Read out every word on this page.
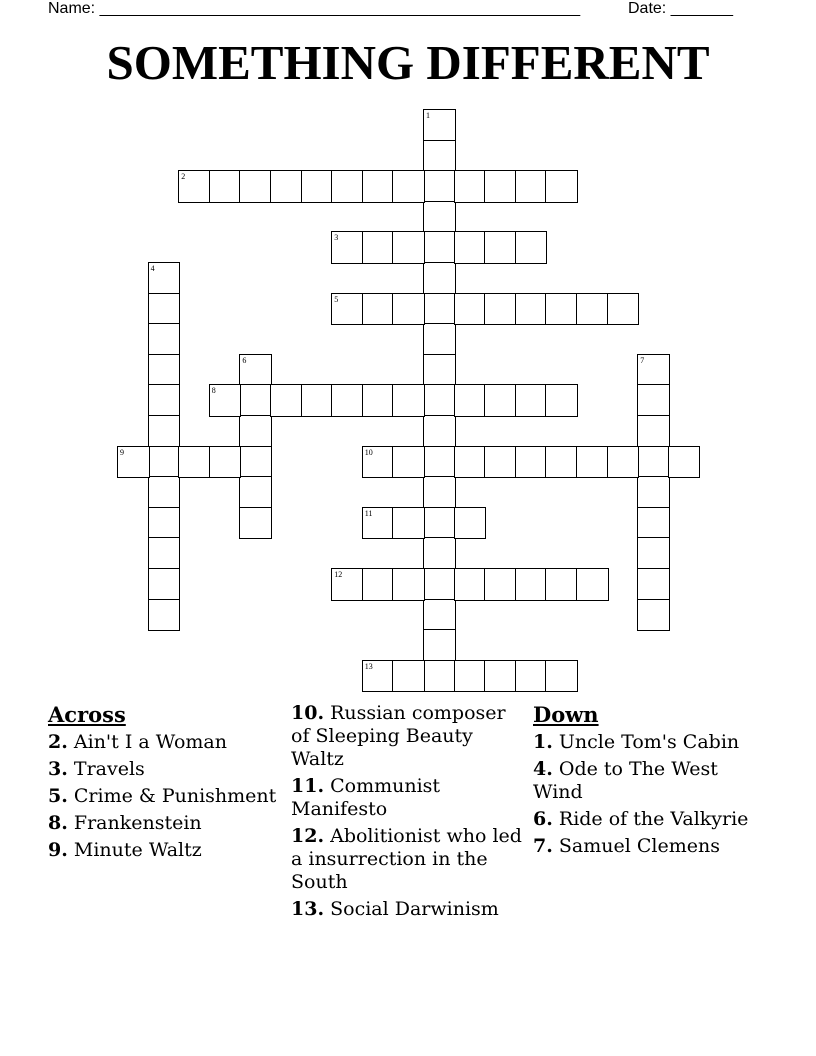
Name: ______________________________________________________	Date: _______
SOMETHING DIFFERENT
1
2
3
4
5
6	7
8
9	10
11
12
13
Across
2. Ain't I a Woman
3. Travels
5. Crime & Punishment
8. Frankenstein
9. Minute Waltz
10. Russian composer of Sleeping Beauty Waltz
11. Communist Manifesto
12. Abolitionist who led a insurrection in the South
13. Social Darwinism
Down
1. Uncle Tom's Cabin
4. Ode to The West Wind
6. Ride of the Valkyrie
7. Samuel Clemens
